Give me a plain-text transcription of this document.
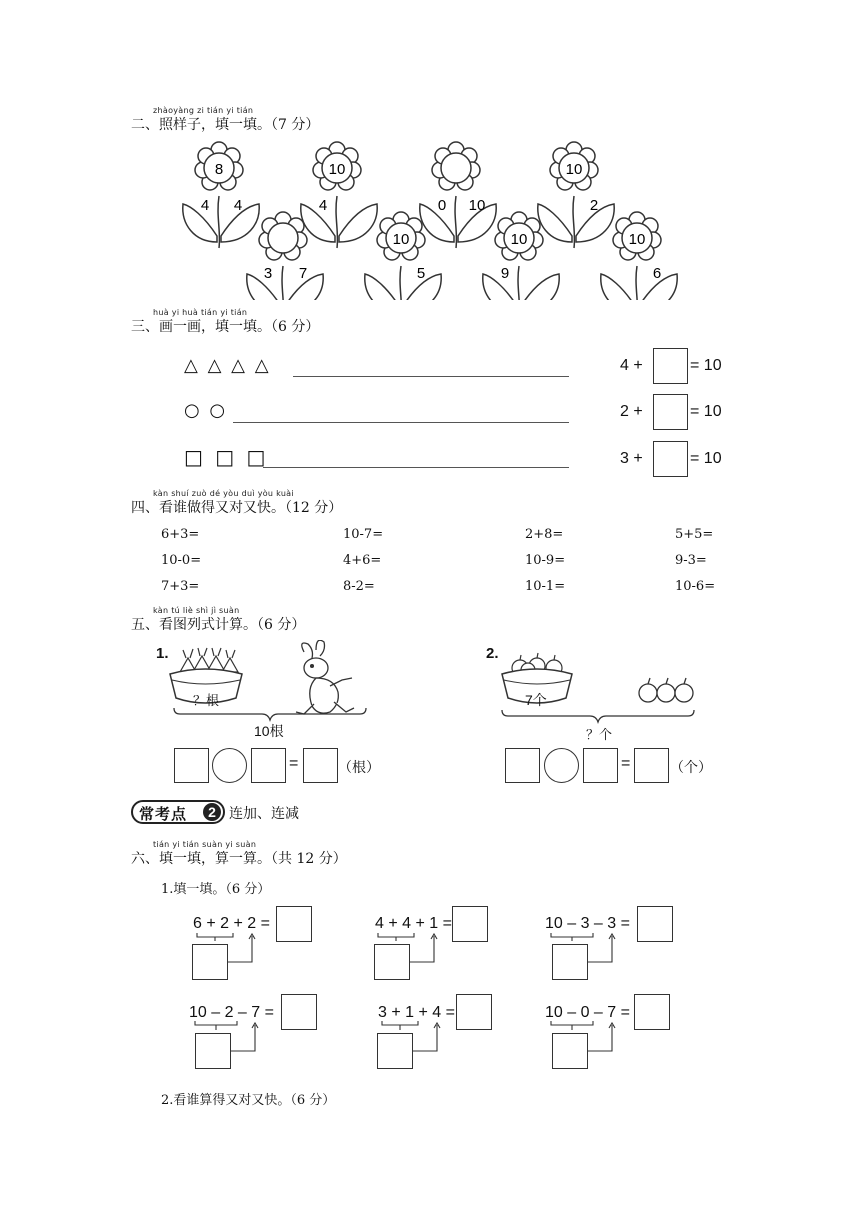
zhàoyàng zi tián yi tián
二、照样子，填一填。（7 分）
8
4 4
10
4	0 10
10
2
3 7
10
5
10
9
10
6
huà yi huà tián yi tián
三、画一画，填一填。（6 分）
△ △ △ △	4 +	= 10
○ ○	2 +	= 10
□ □ □	3 +	= 10
kàn shuí zuò dé yòu duì yòu kuài
四、看谁做得又对又快。（12 分）
6+3=	10-7=	2+8=	5+5=
10-0=	4+6=	10-9=	9-3=
7+3=	8-2=	10-1=	10-6=
kàn tú liè shì jì suàn
五、看图列式计算。（6 分）
1.	2.
？根
10根
7个
？个
=	（根）	=	（个）
常考点	2 连加、连减
tián yi tián suàn yi suàn
六、填一填，算一算。（共 12 分）
1.填一填。（6 分）
6 + 2 + 2 =	4 + 4 + 1 =	10 – 3 – 3 =
10 – 2 – 7 =	3 + 1 + 4 =	10 – 0 – 7 =
2.看谁算得又对又快。（6 分）
